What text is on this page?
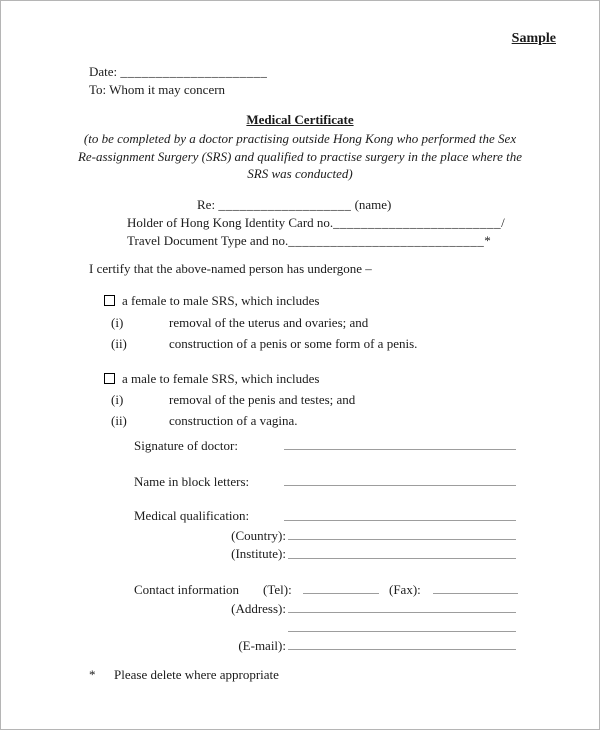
Sample
Date: _____________________
To: Whom it may concern
Medical Certificate
(to be completed by a doctor practising outside Hong Kong who performed the Sex
Re-assignment Surgery (SRS) and qualified to practise surgery in the place where the
SRS was conducted)
Re: ___________________ (name)
Holder of Hong Kong Identity Card no.________________________/
Travel Document Type and no.____________________________*
I certify that the above-named person has undergone –
a female to male SRS, which includes
(i)	removal of the uterus and ovaries; and
(ii)	construction of a penis or some form of a penis.
a male to female SRS, which includes
(i)	removal of the penis and testes; and
(ii)	construction of a vagina.
Signature of doctor:
Name in block letters:
Medical qualification:
(Country):
(Institute):
Contact information (Tel):	(Fax):
(Address):
(E-mail):
* Please delete where appropriate
